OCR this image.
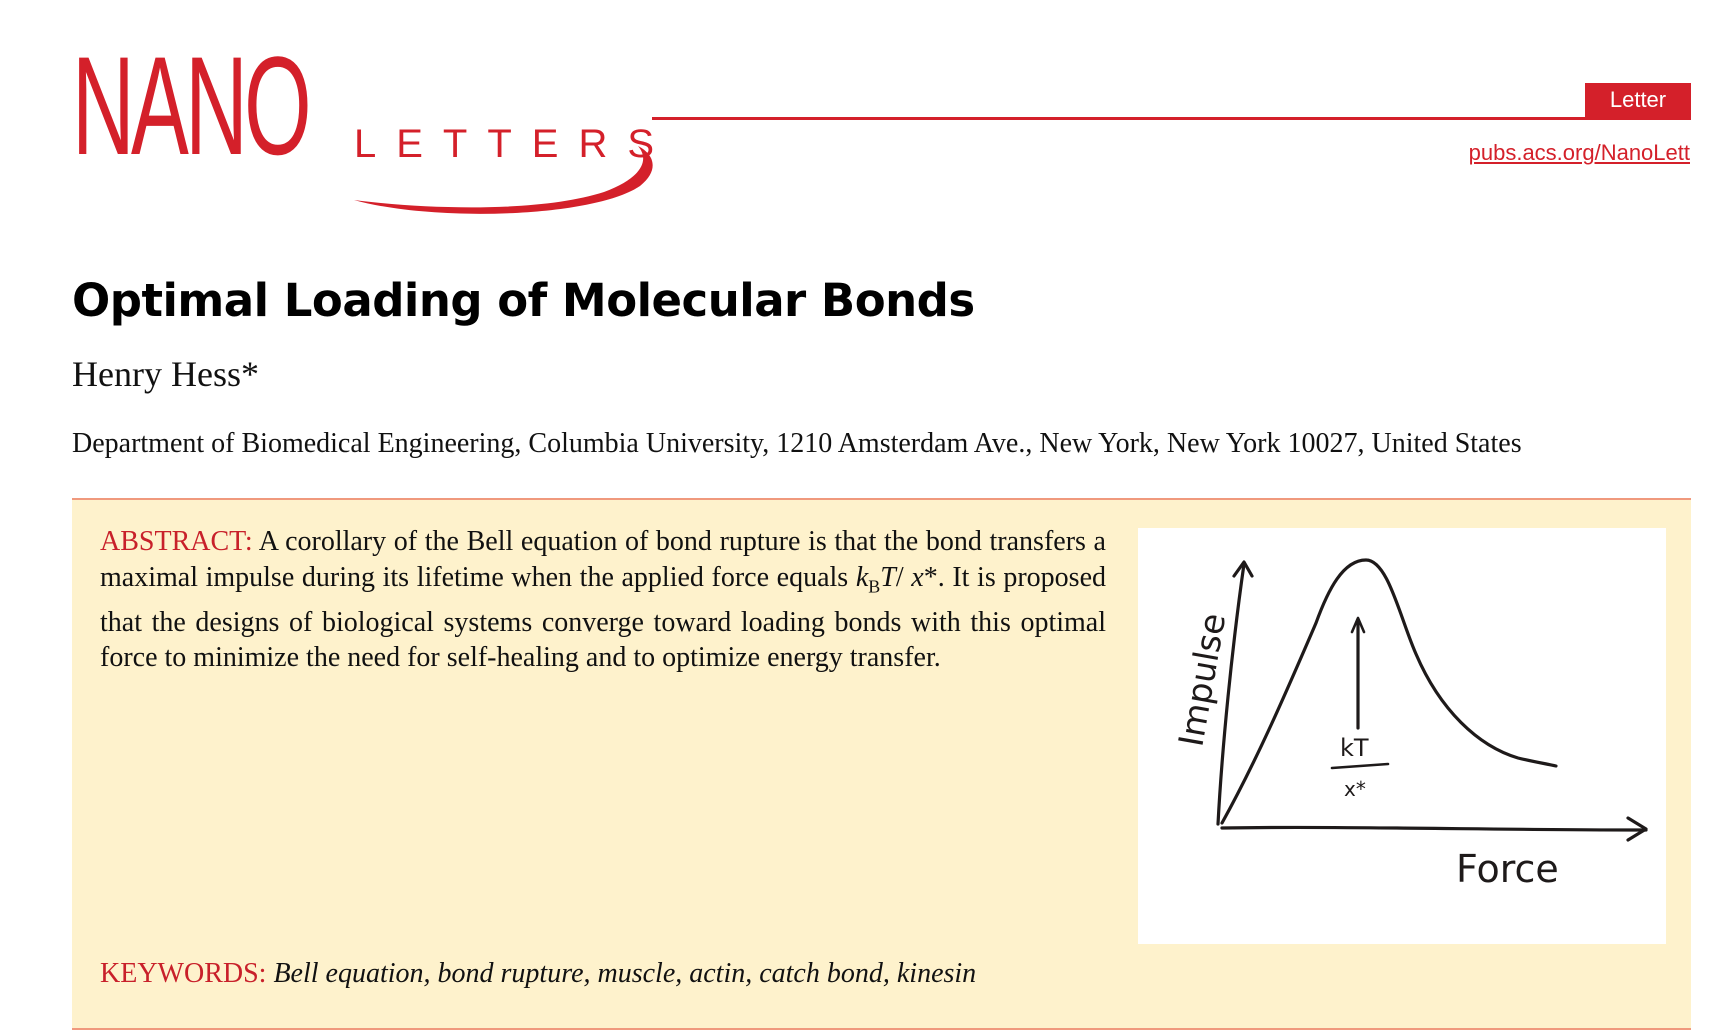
NANO LETTERS
Letter
pubs.acs.org/NanoLett
Optimal Loading of Molecular Bonds
Henry Hess*
Department of Biomedical Engineering, Columbia University, 1210 Amsterdam Ave., New York, New York 10027, United States

ABSTRACT: A corollary of the Bell equation of bond rupture is that the bond transfers a maximal impulse during its lifetime when the applied force equals $k_BT/$ x*. It is proposed that the designs of biological systems converge toward loading bonds with this optimal force to minimize the need for self-healing and to optimize energy transfer.	Impulse	kT
x*
Force
KEYWORDS: Bell equation, bond rupture, muscle, actin, catch bond, kinesin
